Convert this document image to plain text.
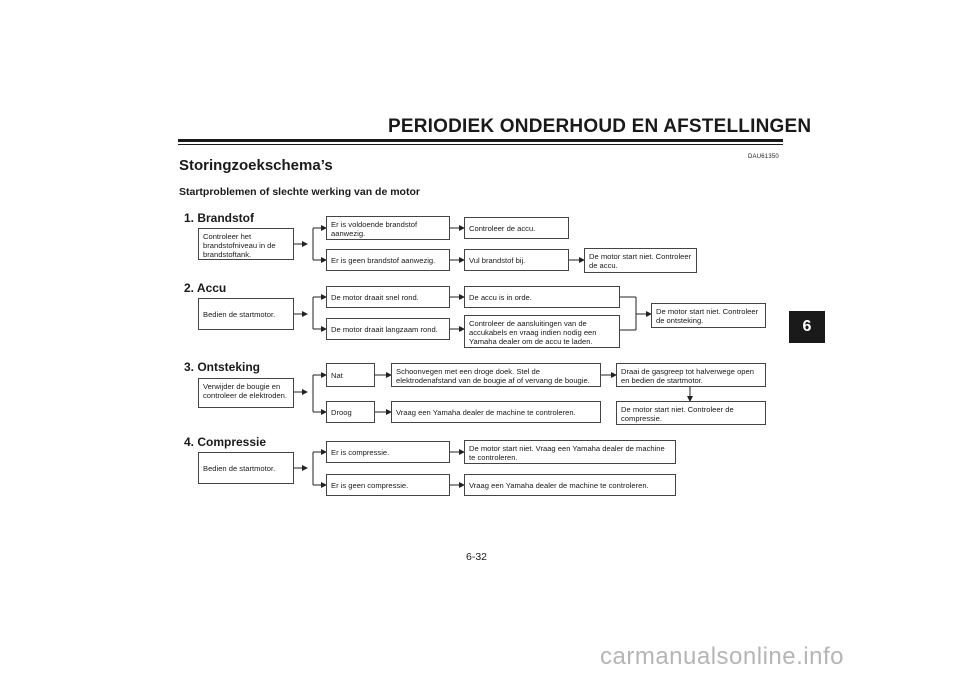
PERIODIEK ONDERHOUD EN AFSTELLINGEN
DAU61350
Storingzoekschema’s
Startproblemen of slechte werking van de motor
6
1. Brandstof
Controleer het brandstofniveau in de brandstoftank.
Er is voldoende brandstof aanwezig.
Er is geen brandstof aanwezig.
Controleer de accu.
Vul brandstof bij.	De motor start niet. Controleer de accu.
2. Accu
Bedien de startmotor.
De motor draait snel rond.
De motor draait langzaam rond.
De accu is in orde.
Controleer de aansluitingen van de accukabels en vraag indien nodig een Yamaha dealer om de accu te laden.
De motor start niet. Controleer de ontsteking.
3. Ontsteking
Verwijder de bougie en controleer de elektroden.
Nat
Droog
Schoonvegen met een droge doek. Stel de elektrodenafstand van de bougie af of vervang de bougie.
Vraag een Yamaha dealer de machine te controleren.
Draai de gasgreep tot halverwege open en bedien de startmotor.
De motor start niet. Controleer de compressie.
4. Compressie
Bedien de startmotor.
Er is compressie.
Er is geen compressie.
De motor start niet. Vraag een Yamaha dealer de machine te controleren.
Vraag een Yamaha dealer de machine te controleren.
6-32
carmanualsonline.info
